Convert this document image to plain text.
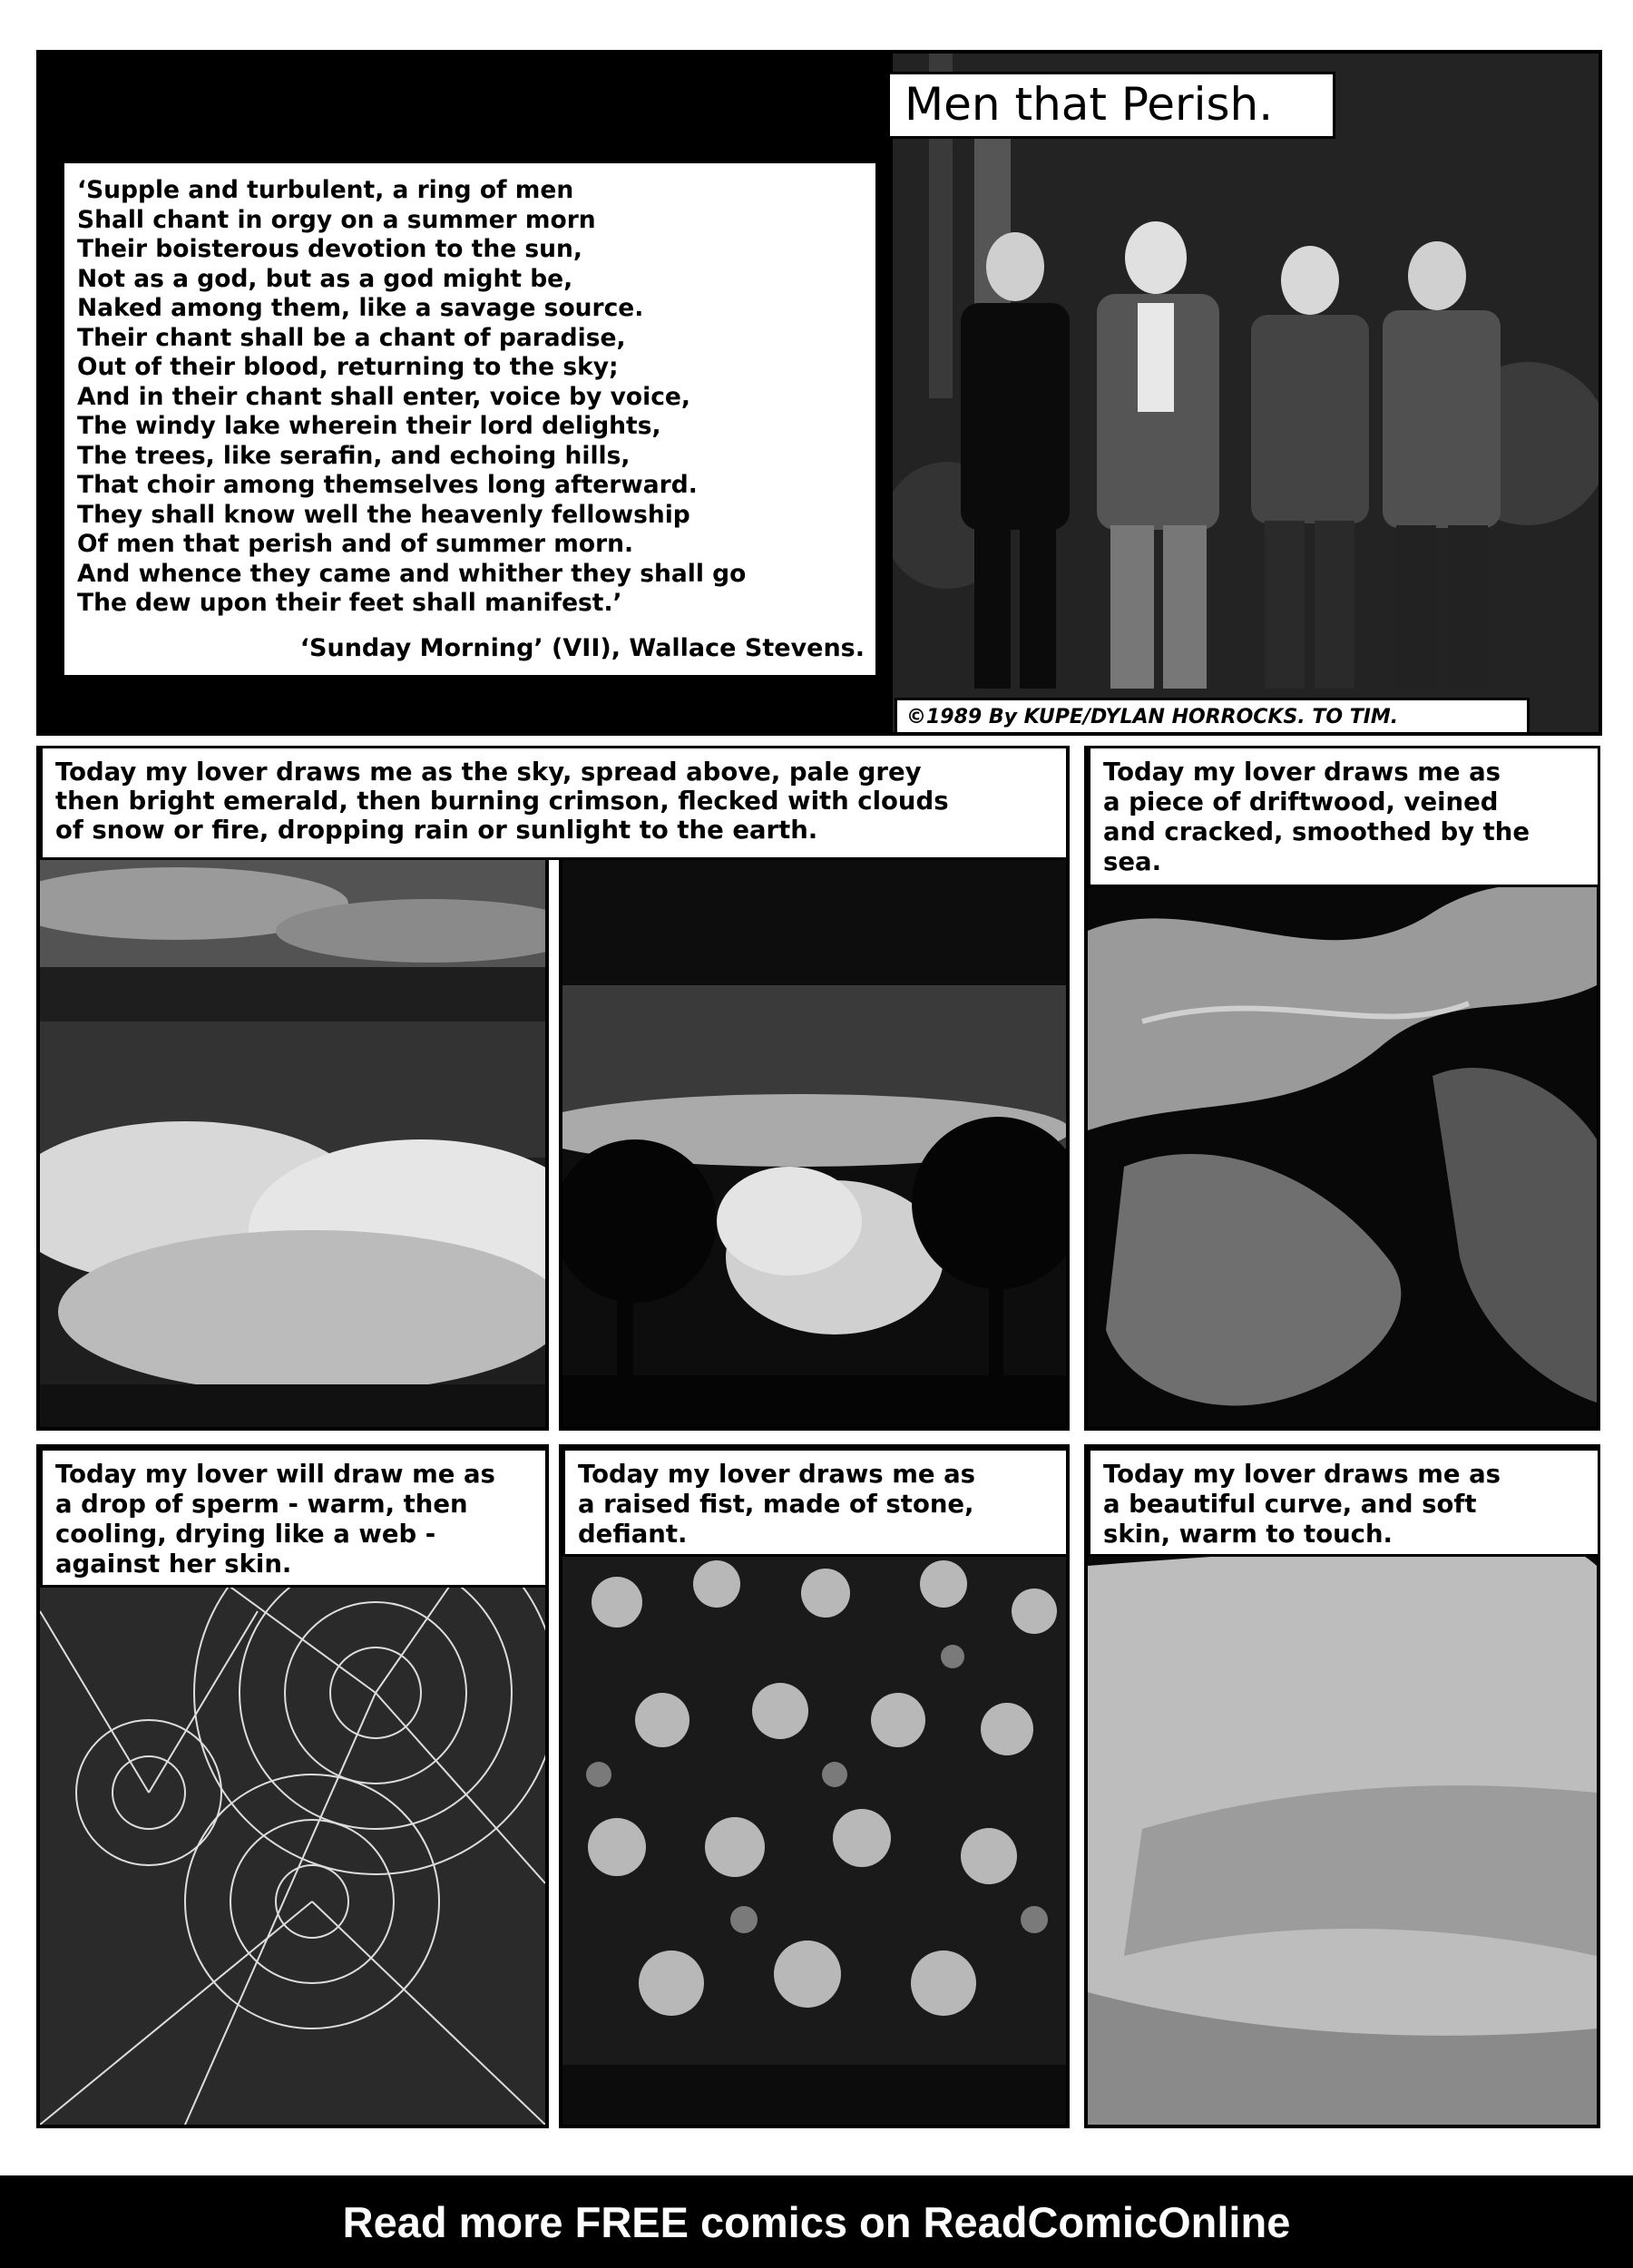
Men that Perish.
‘Supple and turbulent, a ring of men
Shall chant in orgy on a summer morn
Their boisterous devotion to the sun,
Not as a god, but as a god might be,
Naked among them, like a savage source.
Their chant shall be a chant of paradise,
Out of their blood, returning to the sky;
And in their chant shall enter, voice by voice,
The windy lake wherein their lord delights,
The trees, like serafin, and echoing hills,
That choir among themselves long afterward.
They shall know well the heavenly fellowship
Of men that perish and of summer morn.
And whence they came and whither they shall go
The dew upon their feet shall manifest.’
‘Sunday Morning’ (VII), Wallace Stevens.
©1989 By KUPE/DYLAN HORROCKS. TO TIM.
Today my lover draws me as the sky, spread above, pale grey
then bright emerald, then burning crimson, flecked with clouds
of snow or fire, dropping rain or sunlight to the earth.
Today my lover draws me as
a piece of driftwood, veined
and cracked, smoothed by the
sea.
Today my lover will draw me as
a drop of sperm - warm, then
cooling, drying like a web -
against her skin.
Today my lover draws me as
a raised fist, made of stone,
defiant.
Today my lover draws me as
a beautiful curve, and soft
skin, warm to touch.
Read more FREE comics on ReadComicOnline
